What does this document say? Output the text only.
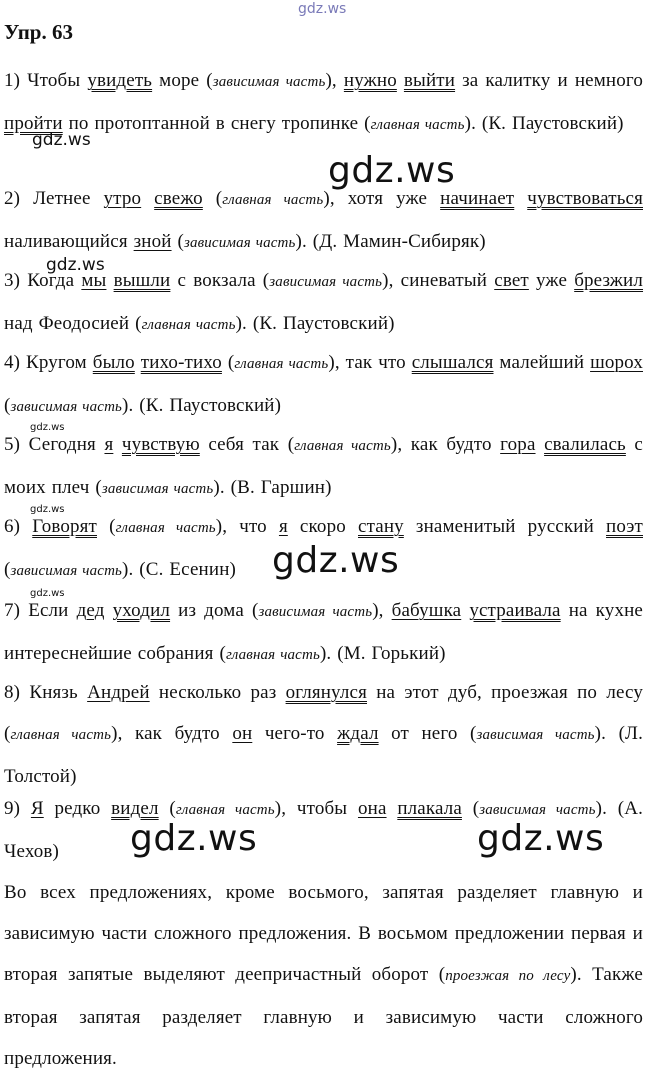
gdz.ws
Упр. 63
1) Чтобы увидеть море (зависимая часть), нужно выйти за калитку и немного пройти по протоптанной в снегу тропинке (главная часть). (К. Паустовский)
2) Летнее утро свежо (главная часть), хотя уже начинает чувствоваться наливающийся зной (зависимая часть). (Д. Мамин-Сибиряк)
3) Когда мы вышли с вокзала (зависимая часть), синеватый свет уже брезжил над Феодосией (главная часть). (К. Паустовский)
4) Кругом было тихо-тихо (главная часть), так что слышался малейший шорох (зависимая часть). (К. Паустовский)
5) Сегодня я чувствую себя так (главная часть), как будто гора свалилась с моих плеч (зависимая часть). (В. Гаршин)
6) Говорят (главная часть), что я скоро стану знаменитый русский поэт (зависимая часть). (С. Есенин)
7) Если дед уходил из дома (зависимая часть), бабушка устраивала на кухне интереснейшие собрания (главная часть). (М. Горький)
8) Князь Андрей несколько раз оглянулся на этот дуб, проезжая по лесу (главная часть), как будто он чего-то ждал от него (зависимая часть). (Л. Толстой)
9) Я редко видел (главная часть), чтобы она плакала (зависимая часть). (А. Чехов)
Во всех предложениях, кроме восьмого, запятая разделяет главную и зависимую части сложного предложения. В восьмом предложении первая и вторая запятые выделяют деепричастный оборот (проезжая по лесу). Также вторая запятая разделяет главную и зависимую части сложного предложения.
gdz.ws
gdz.ws
gdz.ws
gdz.ws
gdz.ws
gdz.ws
gdz.ws
gdz.ws	gdz.ws
